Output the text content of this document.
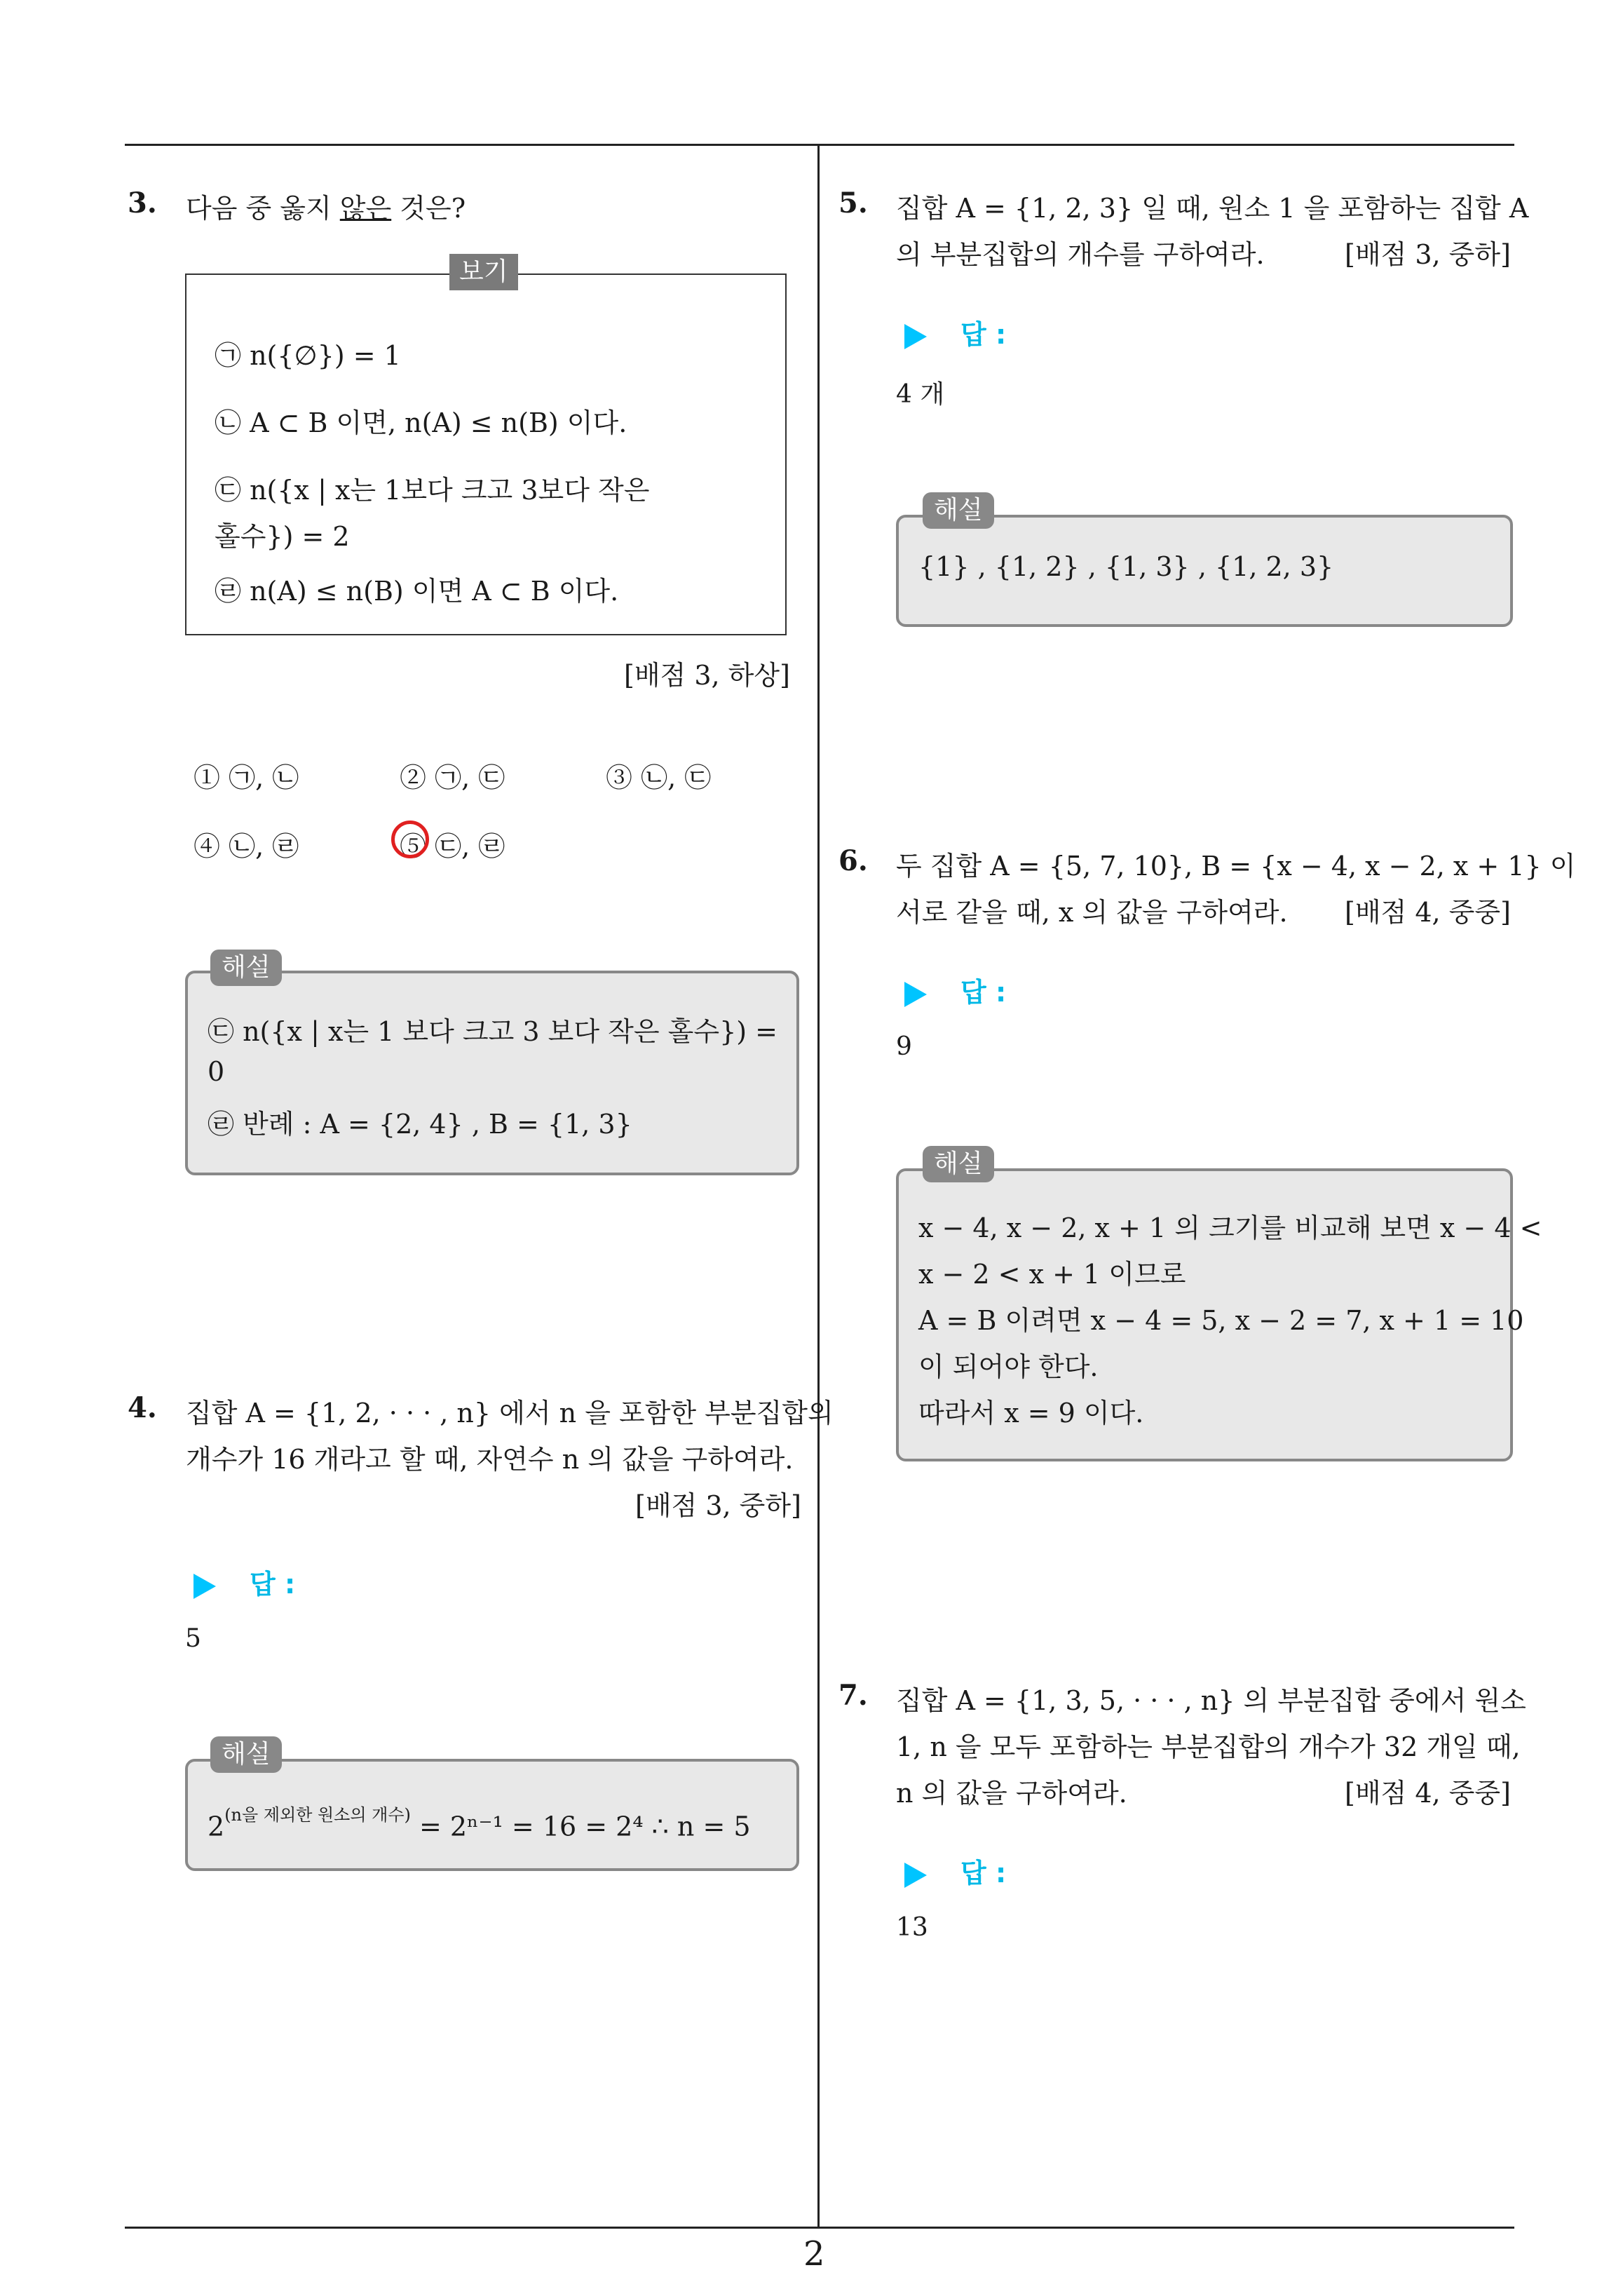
3. 다음 중 옳지 않은 것은?
보기
㉠ n({∅}) = 1
㉡ A ⊂ B 이면, n(A) ≤ n(B) 이다.
㉢ n({x | x는 1보다 크고 3보다 작은
홀수}) = 2
㉣ n(A) ≤ n(B) 이면 A ⊂ B 이다.
[배점 3, 하상]
① ㉠, ㉡	② ㉠, ㉢	③ ㉡, ㉢
④ ㉡, ㉣	⑤ ㉢, ㉣
해설
㉢ n({x | x는 1 보다 크고 3 보다 작은 홀수}) =
0
㉣ 반례 : A = {2, 4} , B = {1, 3}
4. 집합 A = {1, 2, · · · , n} 에서 n 을 포함한 부분집합의
개수가 16 개라고 할 때, 자연수 n 의 값을 구하여라.
[배점 3, 중하]
답 :
5
해설
$2^{(n을 제외한 원소의 개수)} = 2^{n-1} = 16 = 2^4$ ∴ n = 5
5. 집합 A = {1, 2, 3} 일 때, 원소 1 을 포함하는 집합 A
의 부분집합의 개수를 구하여라.	[배점 3, 중하]
답 :
4 개
해설
{1} , {1, 2} , {1, 3} , {1, 2, 3}
6. 두 집합 A = {5, 7, 10}, B = {x − 4, x − 2, x + 1} 이
서로 같을 때, x 의 값을 구하여라. [배점 4, 중중]
답 :
9
해설
x − 4, x − 2, x + 1 의 크기를 비교해 보면 x − 4 <
x − 2 < x + 1 이므로
A = B 이려면 x − 4 = 5, x − 2 = 7, x + 1 = 10
이 되어야 한다.
따라서 x = 9 이다.
7. 집합 A = {1, 3, 5, · · · , n} 의 부분집합 중에서 원소
1, n 을 모두 포함하는 부분집합의 개수가 32 개일 때,
n 의 값을 구하여라.	[배점 4, 중중]
답 :
13
2
